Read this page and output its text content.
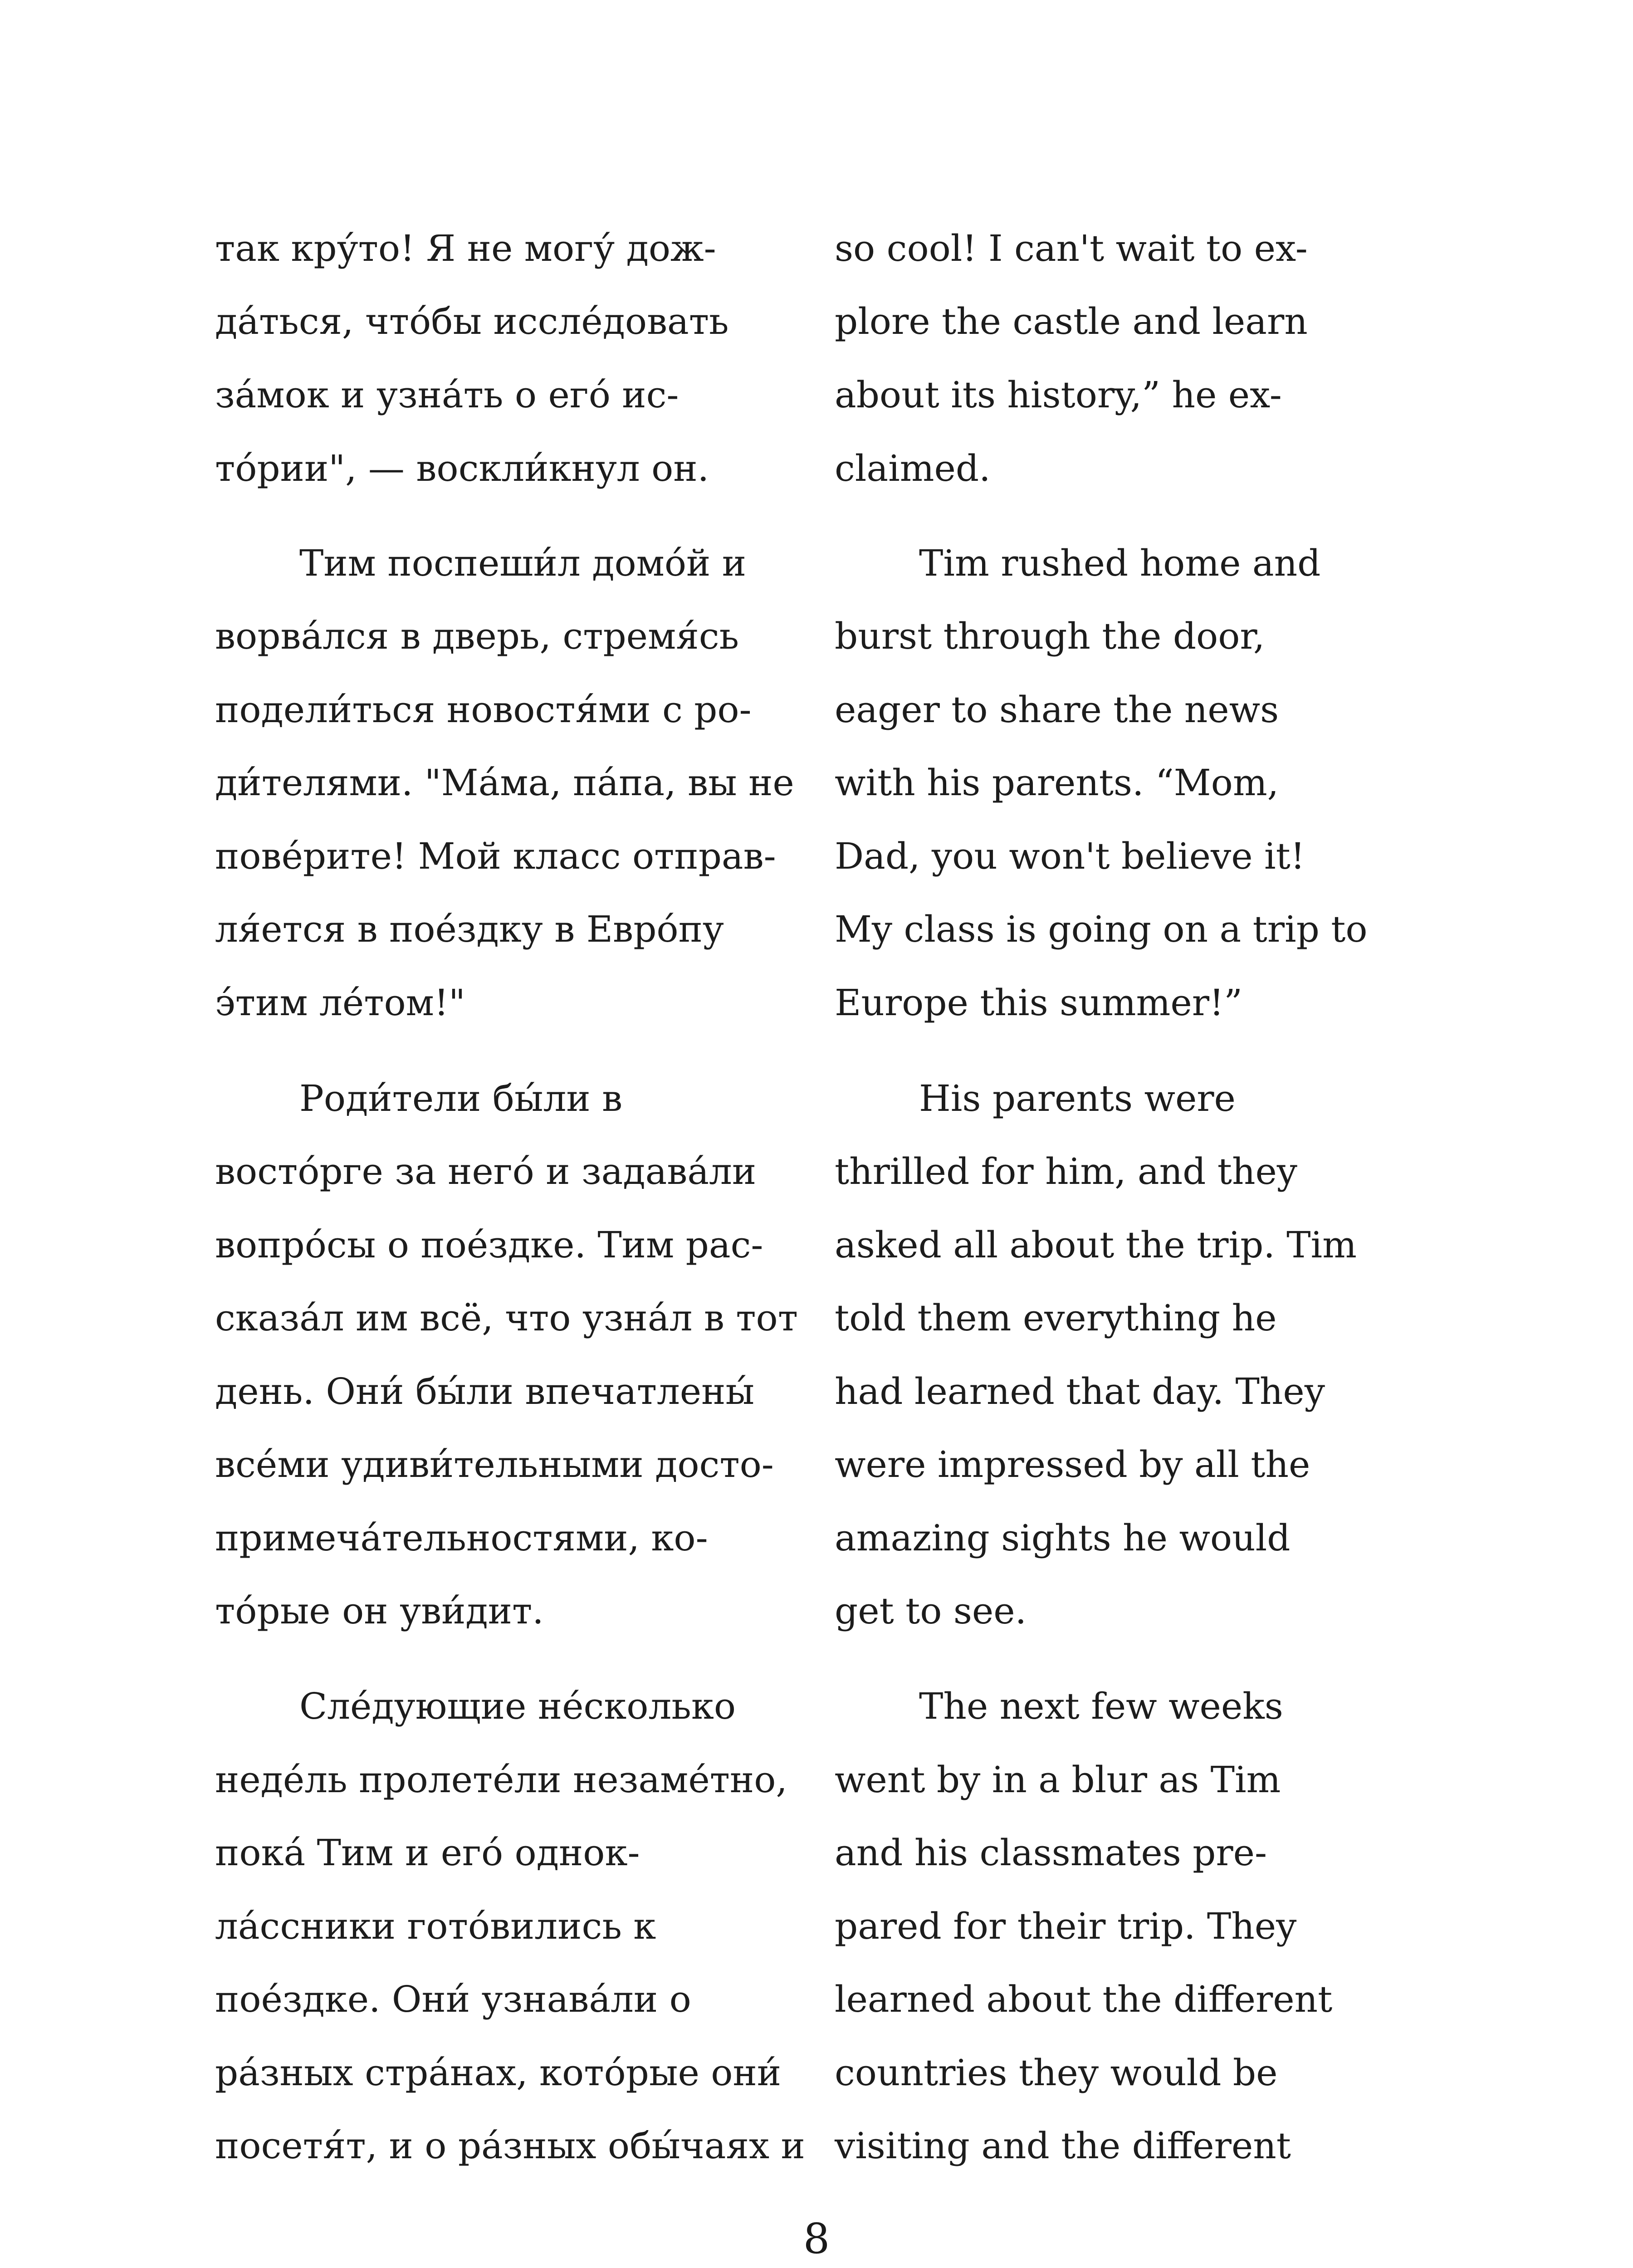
так кру́то! Я не могу́ дож-
да́ться, что́бы иссле́довать
за́мок и узна́ть о его́ ис-
то́рии", — воскли́кнул он.
Тим поспеши́л домо́й и
ворва́лся в дверь, стремя́сь
подели́ться новостя́ми с ро-
ди́телями. "Ма́ма, па́па, вы не
пове́рите! Мой класс отправ-
ля́ется в пое́здку в Евро́пу
э́тим ле́том!"
Роди́тели бы́ли в
восто́рге за него́ и задава́ли
вопро́сы о пое́здке. Тим рас-
сказа́л им всё, что узна́л в тот
день. Они́ бы́ли впечатлены́
все́ми удиви́тельными досто-
примеча́тельностями, ко-
то́рые он уви́дит.
Сле́дующие не́сколько
неде́ль пролете́ли незаме́тно,
пока́ Тим и его́ однок-
ла́ссники гото́вились к
пое́здке. Они́ узнава́ли о
ра́зных стра́нах, кото́рые они́
посетя́т, и о ра́зных обы́чаях и
so cool! I can't wait to ex-
plore the castle and learn
about its history,” he ex-
claimed.
Tim rushed home and
burst through the door,
eager to share the news
with his parents. “Mom,
Dad, you won't believe it!
My class is going on a trip to
Europe this summer!”
His parents were
thrilled for him, and they
asked all about the trip. Tim
told them everything he
had learned that day. They
were impressed by all the
amazing sights he would
get to see.
The next few weeks
went by in a blur as Tim
and his classmates pre-
pared for their trip. They
learned about the different
countries they would be
visiting and the different
8
